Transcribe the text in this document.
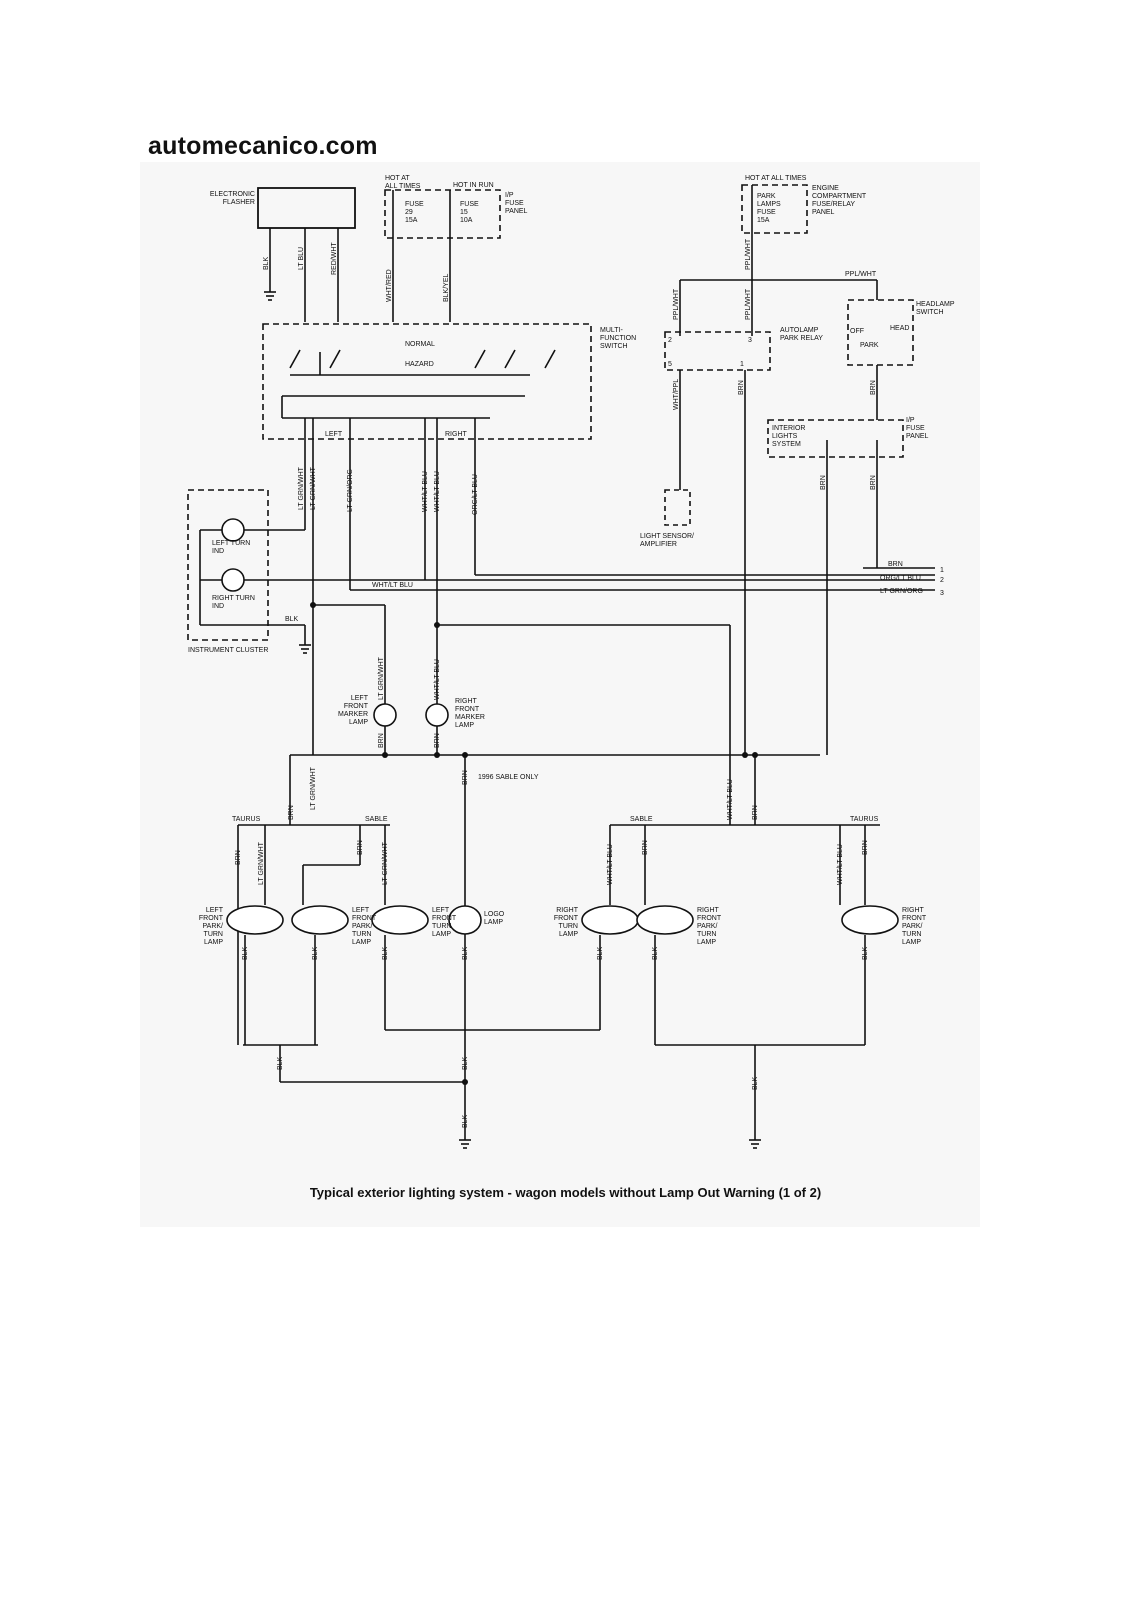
automecanico.com
ELECTRONIC FLASHER
HOT AT ALL TIMES	HOT IN RUN
FUSE 29 15A
FUSE 15 10A
I/P FUSE PANEL
HOT AT ALL TIMES
PARK LAMPS FUSE 15A
ENGINE COMPARTMENT FUSE/RELAY PANEL
MULTI-FUNCTION SWITCH
NORMAL
HAZARD
LEFT	RIGHT
AUTOLAMP PARK RELAY
HEADLAMP SWITCH
OFF	HEAD
PARK
I/P FUSE PANEL
INTERIOR LIGHTS SYSTEM
LIGHT SENSOR/ AMPLIFIER
LEFT TURN IND
RIGHT TURN IND
INSTRUMENT CLUSTER
LEFT FRONT MARKER LAMP
RIGHT FRONT MARKER LAMP
1996 SABLE ONLY
TAURUS	SABLE	SABLE	TAURUS
LEFT FRONT PARK/ TURN LAMP
LEFT FRONT PARK/ TURN LAMP
LEFT FRONT TURN LAMP
LOGO LAMP
RIGHT FRONT TURN LAMP
RIGHT FRONT PARK/ TURN LAMP
RIGHT FRONT PARK/ TURN LAMP
BLK	LT BLU	RED/WHT
WHT/RED	BLK/YEL
PPL/WHT
PPL/WHT	PPL/WHT
PPL/WHT
WHT/PPL	BRN	BRN
BRN	BRN
LT GRN/WHT LT GRN/WHT	LT GRN/ORG	WHT/LT BLU WHT/LT BLU	ORG/LT BLU
WHT/LT BLU
BLK
LT GRN/WHT	WHT/LT BLU
BRN	BRN
BRN
BRN
LT GRN/WHT	WHT/LT BLU	BRN
BRN LT GRN/WHT	BRN	LT GRN/WHT	WHT/LT BLU	BRN	WHT/LT BLU	BRN
BLK	BLK	BLK	BLK	BLK	BLK	BLK
BLK	BLK
BLK
BLK
BRN
1
ORG/LT BLU	2
LT GRN/ORG 3
2	3
5	1
Typical exterior lighting system - wagon models without Lamp Out Warning (1 of 2)
